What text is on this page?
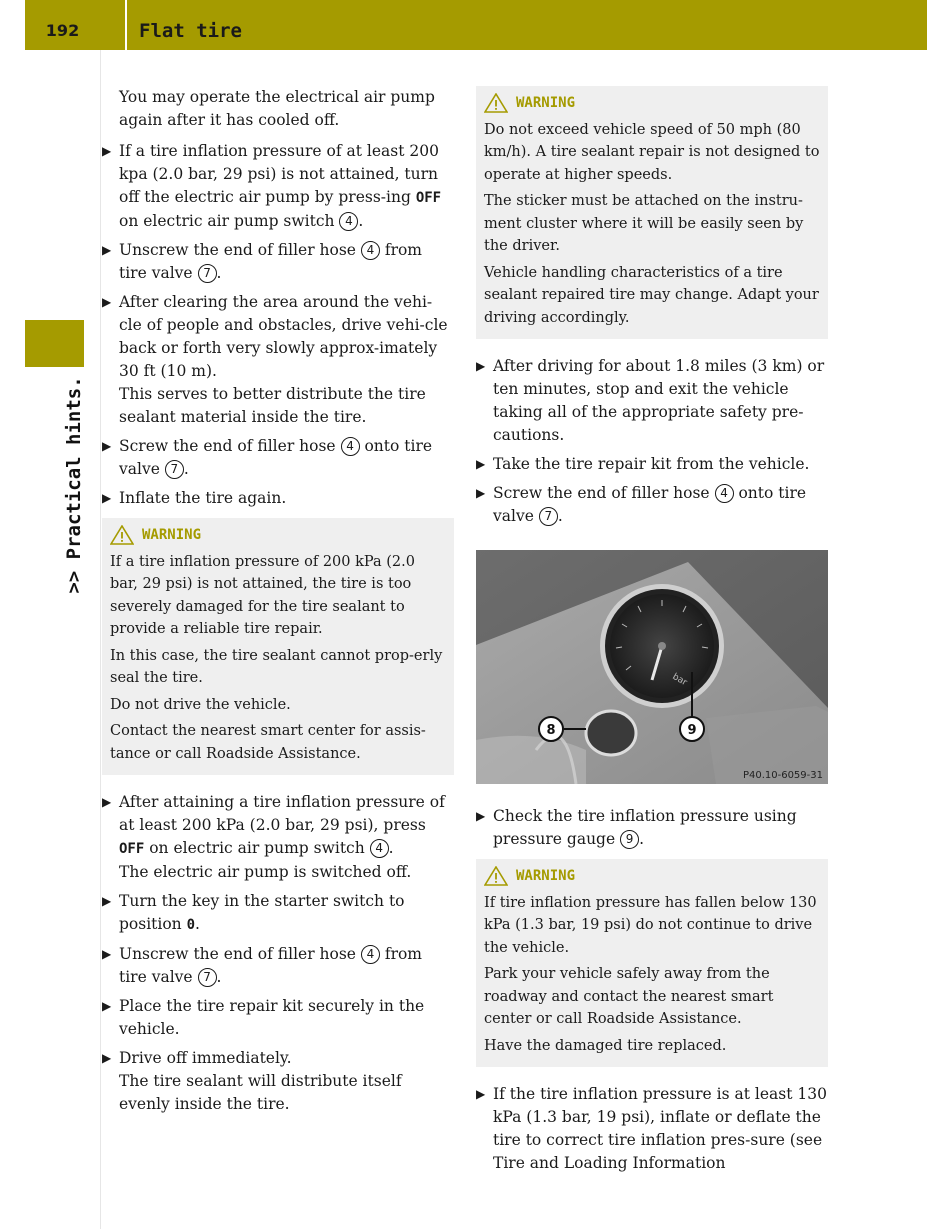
192	Flat tire
>> Practical hints.

You may operate the electrical air pump again after it has cooled off.

▶ If a tire inflation pressure of at least 200 kpa (2.0 bar, 29 psi) is not attained, turn off the electric air pump by press-ing OFF on electric air pump switch 4 .
▶ Unscrew the end of filler hose 4 from tire valve 7 .
▶ After clearing the area around the vehi-cle of people and obstacles, drive vehi-cle back or forth very slowly approx-imately 30 ft (10 m).

This serves to better distribute the tire sealant material inside the tire.

▶ Screw the end of filler hose 4 onto tire valve 7 .
▶ Inflate the tire again.
WARNING

If a tire inflation pressure of 200 kPa (2.0 bar, 29 psi) is not attained, the tire is too severely damaged for the tire sealant to provide a reliable tire repair.

In this case, the tire sealant cannot prop-erly seal the tire.

Do not drive the vehicle.

Contact the nearest smart center for assis-tance or call Roadside Assistance.

▶ After attaining a tire inflation pressure of at least 200 kPa (2.0 bar, 29 psi), press OFF on electric air pump switch 4 .

The electric air pump is switched off.

▶ Turn the key in the starter switch to position 0.
▶ Unscrew the end of filler hose 4 from tire valve 7 .
▶ Place the tire repair kit securely in the vehicle.
▶ Drive off immediately.

The tire sealant will distribute itself evenly inside the tire.

WARNING

Do not exceed vehicle speed of 50 mph (80 km/h). A tire sealant repair is not designed to operate at higher speeds.

The sticker must be attached on the instru-ment cluster where it will be easily seen by the driver.

Vehicle handling characteristics of a tire sealant repaired tire may change. Adapt your driving accordingly.

▶ After driving for about 1.8 miles (3 km) or ten minutes, stop and exit the vehicle taking all of the appropriate safety pre-cautions.
▶ Take the tire repair kit from the vehicle.
▶ Screw the end of filler hose 4 onto tire valve 7 .
bar
8	9
P40.10-6059-31
▶ Check the tire inflation pressure using pressure gauge 9 .
WARNING

If tire inflation pressure has fallen below 130 kPa (1.3 bar, 19 psi) do not continue to drive the vehicle.

Park your vehicle safely away from the roadway and contact the nearest smart center or call Roadside Assistance.

Have the damaged tire replaced.

▶ If the tire inflation pressure is at least 130 kPa (1.3 bar, 19 psi), inflate or deflate the tire to correct tire inflation pres-sure (see Tire and Loading Information
